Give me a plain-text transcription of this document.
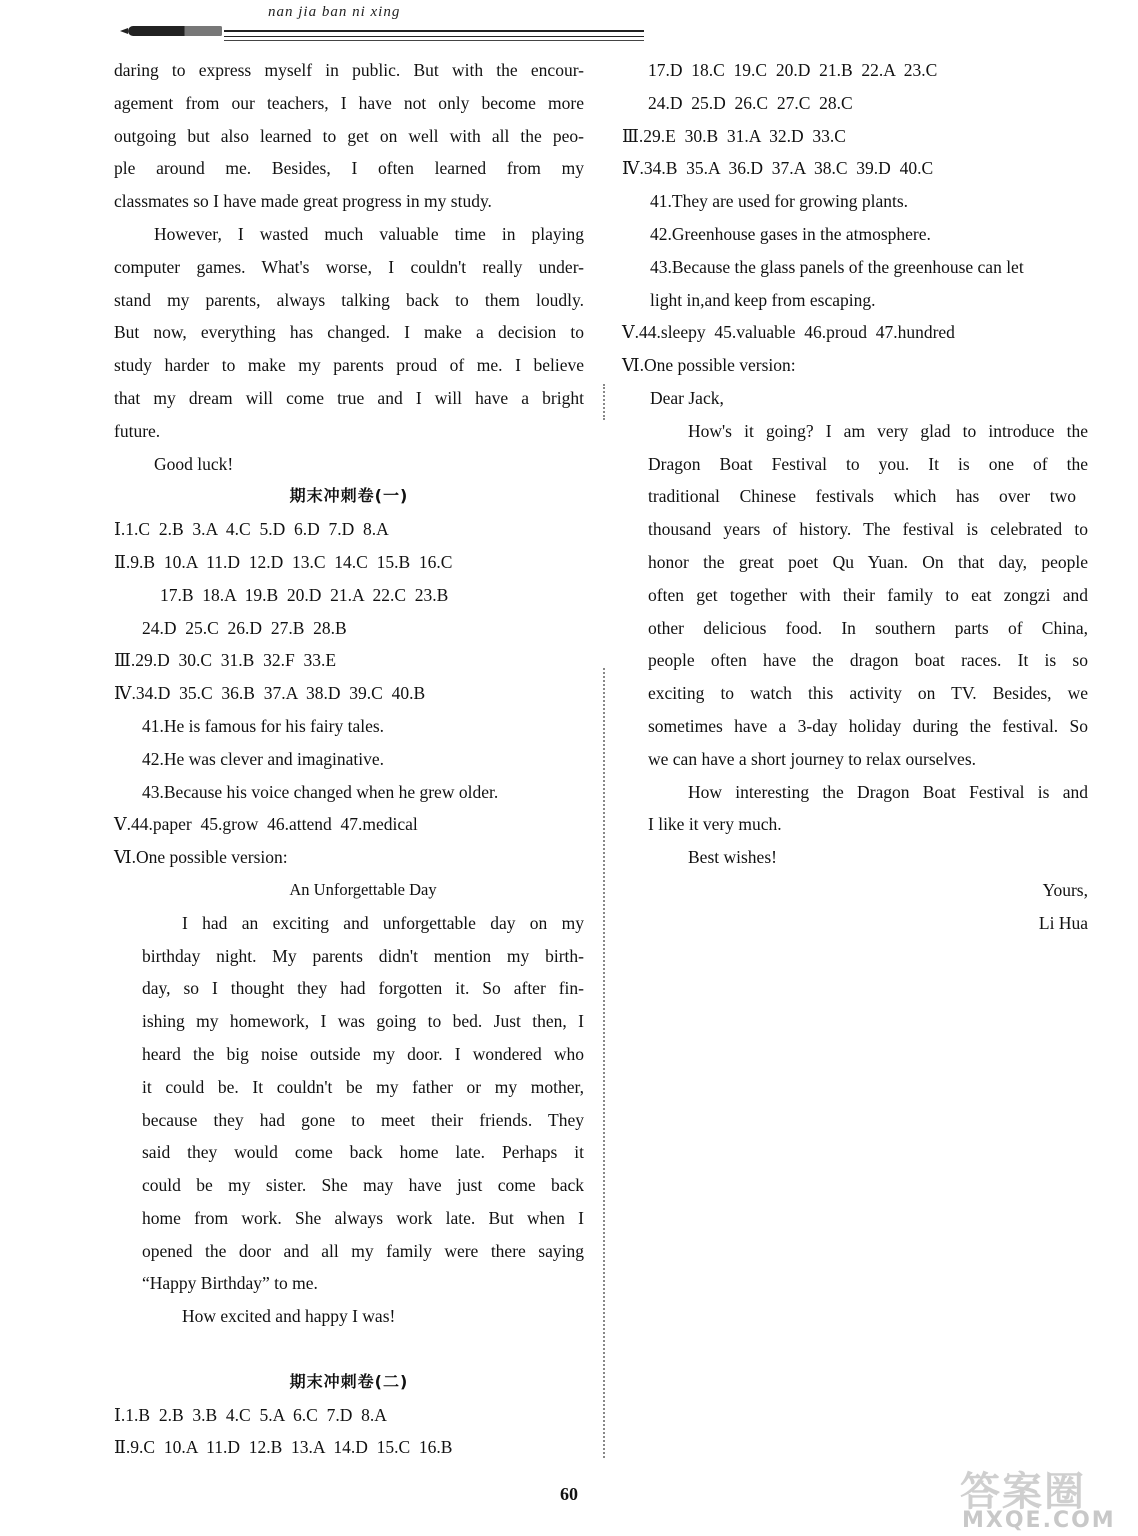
nan jia ban ni xing
daring to express myself in public. But with the encour-
agement from our teachers, I have not only become more
outgoing but also learned to get on well with all the peo-
ple around me. Besides, I often learned from my
classmates so I have made great progress in my study.
However, I wasted much valuable time in playing
computer games. What's worse, I couldn't really under-
stand my parents, always talking back to them loudly.
But now, everything has changed. I make a decision to
study harder to make my parents proud of me. I believe
that my dream will come true and I will have a bright
future.
Good luck!
期末冲刺卷(一)
Ⅰ.1.C  2.B  3.A  4.C  5.D  6.D  7.D  8.A
Ⅱ.9.B  10.A  11.D  12.D  13.C  14.C  15.B  16.C
17.B  18.A  19.B  20.D  21.A  22.C  23.B
24.D  25.C  26.D  27.B  28.B
Ⅲ.29.D  30.C  31.B  32.F  33.E
Ⅳ.34.D  35.C  36.B  37.A  38.D  39.C  40.B
41.He is famous for his fairy tales.
42.He was clever and imaginative.
43.Because his voice changed when he grew older.
Ⅴ.44.paper  45.grow  46.attend  47.medical
Ⅵ.One possible version:
An Unforgettable Day
I had an exciting and unforgettable day on my
birthday night. My parents didn't mention my birth-
day, so I thought they had forgotten it. So after fin-
ishing my homework, I was going to bed. Just then, I
heard the big noise outside my door. I wondered who
it could be. It couldn't be my father or my mother,
because they had gone to meet their friends. They
said they would come back home late. Perhaps it
could be my sister. She may have just come back
home from work. She always work late. But when I
opened the door and all my family were there saying
“Happy Birthday” to me.
How excited and happy I was!
期末冲刺卷(二)
Ⅰ.1.B  2.B  3.B  4.C  5.A  6.C  7.D  8.A
Ⅱ.9.C  10.A  11.D  12.B  13.A  14.D  15.C  16.B
17.D  18.C  19.C  20.D  21.B  22.A  23.C
24.D  25.D  26.C  27.C  28.C
Ⅲ.29.E  30.B  31.A  32.D  33.C
Ⅳ.34.B  35.A  36.D  37.A  38.C  39.D  40.C
41.They are used for growing plants.
42.Greenhouse gases in the atmosphere.
43.Because the glass panels of the greenhouse can let
light in,and keep from escaping.
Ⅴ.44.sleepy  45.valuable  46.proud  47.hundred
Ⅵ.One possible version:
Dear Jack,
How's it going? I am very glad to introduce the
Dragon Boat Festival to you. It is one of the
traditional Chinese festivals which has over two
thousand years of history. The festival is celebrated to
honor the great poet Qu Yuan. On that day, people
often get together with their family to eat zongzi and
other delicious food. In southern parts of China,
people often have the dragon boat races. It is so
exciting to watch this activity on TV. Besides, we
sometimes have a 3-day holiday during the festival. So
we can have a short journey to relax ourselves.
How interesting the Dragon Boat Festival is and
I like it very much.
Best wishes!
Yours,
Li Hua
60	答案圈
MXQE.COM
